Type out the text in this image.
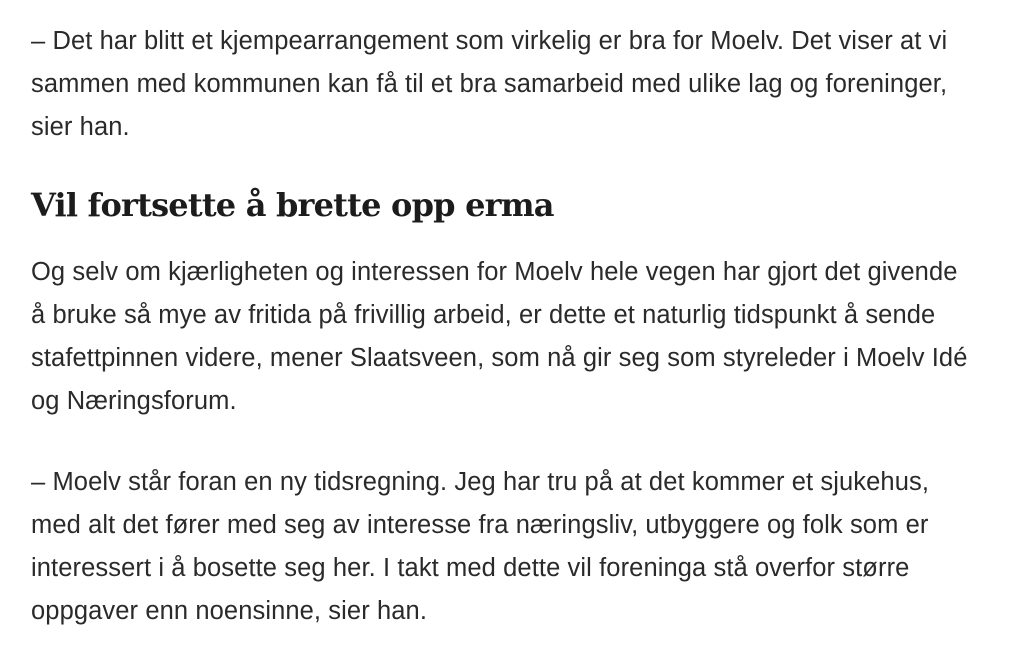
– Det har blitt et kjempearrangement som virkelig er bra for Moelv. Det viser at vi sammen med kommunen kan få til et bra samarbeid med ulike lag og foreninger, sier han.

Vil fortsette å brette opp erma

Og selv om kjærligheten og interessen for Moelv hele vegen har gjort det givende å bruke så mye av fritida på frivillig arbeid, er dette et naturlig tidspunkt å sende stafettpinnen videre, mener Slaatsveen, som nå gir seg som styreleder i Moelv Idé og Næringsforum.

– Moelv står foran en ny tidsregning. Jeg har tru på at det kommer et sjukehus, med alt det fører med seg av interesse fra næringsliv, utbyggere og folk som er interessert i å bosette seg her. I takt med dette vil foreninga stå overfor større oppgaver enn noensinne, sier han.
